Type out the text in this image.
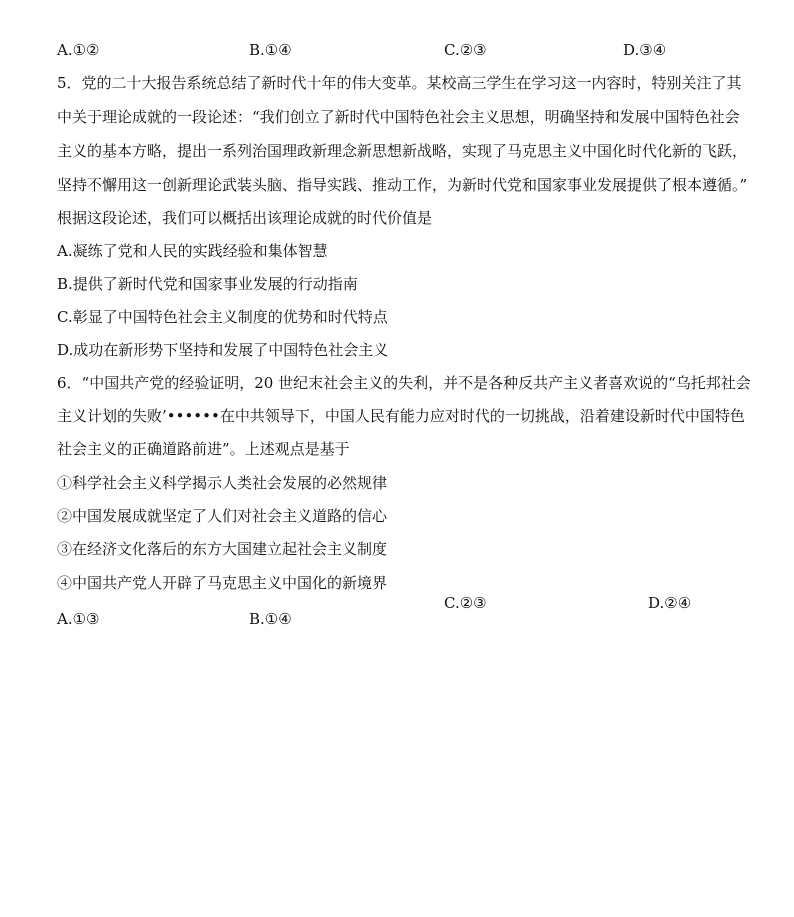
A.①②	B.①④	C.②③	D.③④
5．党的二十大报告系统总结了新时代十年的伟大变革。某校高三学生在学习这一内容时，特别关注了其
中关于理论成就的一段论述：“我们创立了新时代中国特色社会主义思想，明确坚持和发展中国特色社会
主义的基本方略，提出一系列治国理政新理念新思想新战略，实现了马克思主义中国化时代化新的飞跃，
坚持不懈用这一创新理论武装头脑、指导实践、推动工作，为新时代党和国家事业发展提供了根本遵循。”
根据这段论述，我们可以概括出该理论成就的时代价值是
A.凝练了党和人民的实践经验和集体智慧
B.提供了新时代党和国家事业发展的行动指南
C.彰显了中国特色社会主义制度的优势和时代特点
D.成功在新形势下坚持和发展了中国特色社会主义
6．“中国共产党的经验证明，20 世纪末社会主义的失利，并不是各种反共产主义者喜欢说的“乌托邦社会
主义计划的失败’••••••在中共领导下，中国人民有能力应对时代的一切挑战，沿着建设新时代中国特色
社会主义的正确道路前进”。上述观点是基于
①科学社会主义科学揭示人类社会发展的必然规律
②中国发展成就坚定了人们对社会主义道路的信心
③在经济文化落后的东方大国建立起社会主义制度
④中国共产党人开辟了马克思主义中国化的新境界
A.①③	B.①④
C.②③	D.②④
